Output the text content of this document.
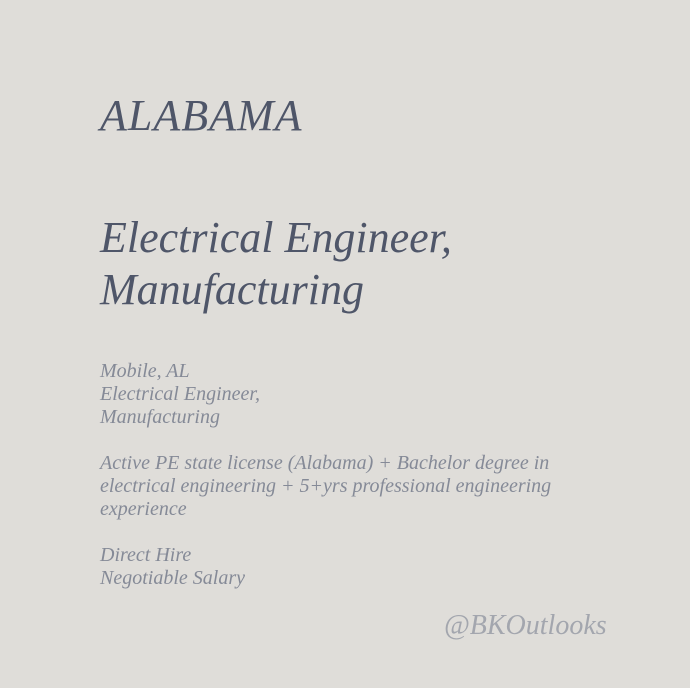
ALABAMA
Electrical Engineer,
Manufacturing
Mobile, AL
Electrical Engineer,
Manufacturing
Active PE state license (Alabama) + Bachelor degree in
electrical engineering + 5+yrs professional engineering
experience
Direct Hire
Negotiable Salary
@BKOutlooks
